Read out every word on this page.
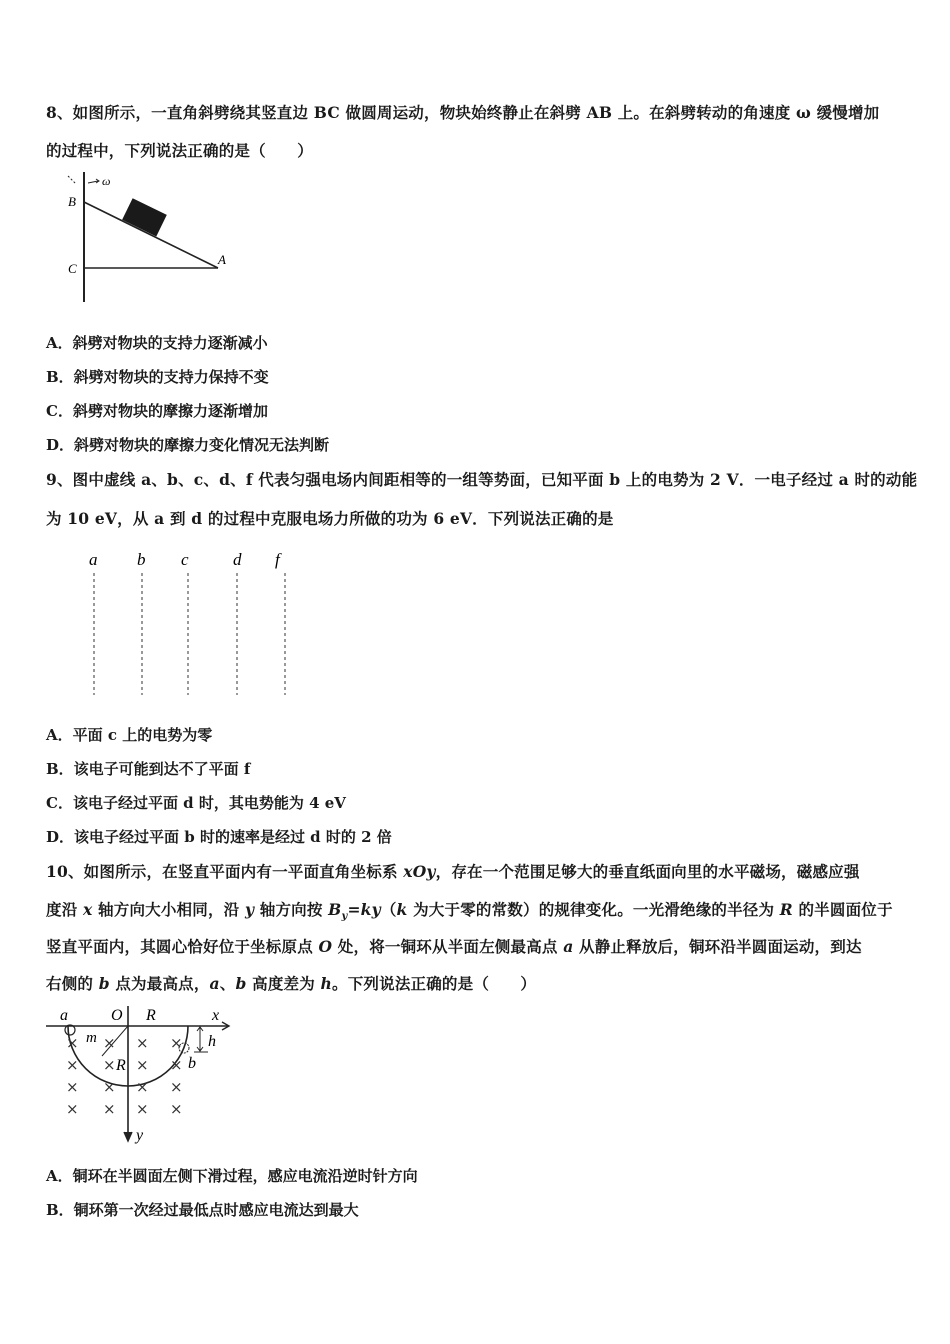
8、如图所示，一直角斜劈绕其竖直边 BC 做圆周运动，物块始终静止在斜劈 AB 上。在斜劈转动的角速度 ω 缓慢增加
的过程中，下列说法正确的是（　　）
ω
B
C
A
A．斜劈对物块的支持力逐渐减小
B．斜劈对物块的支持力保持不变
C．斜劈对物块的摩擦力逐渐增加
D．斜劈对物块的摩擦力变化情况无法判断
9、图中虚线 a、b、c、d、f 代表匀强电场内间距相等的一组等势面，已知平面 b 上的电势为 2 V．一电子经过 a 时的动能
为 10 eV，从 a 到 d 的过程中克服电场力所做的功为 6 eV．下列说法正确的是
a b c	d f
A．平面 c 上的电势为零
B．该电子可能到达不了平面 f
C．该电子经过平面 d 时，其电势能为 4 eV
D．该电子经过平面 b 时的速率是经过 d 时的 2 倍
10、如图所示，在竖直平面内有一平面直角坐标系 xOy，存在一个范围足够大的垂直纸面向里的水平磁场，磁感应强
度沿 x 轴方向大小相同，沿 y 轴方向按 $B_y=ky(k$ 为大于零的常数）的规律变化。一光滑绝缘的半径为 R 的半圆面位于
竖直平面内，其圆心恰好位于坐标原点 O 处，将一铜环从半面左侧最高点 a 从静止释放后，铜环沿半圆面运动，到达
右侧的 b 点为最高点，a、b 高度差为 h。下列说法正确的是（　　）
× × × ×
× × × ×
× × × ×
× × × ×
a	O R	x
m	h
R	b
y
A．铜环在半圆面左侧下滑过程，感应电流沿逆时针方向
B．铜环第一次经过最低点时感应电流达到最大
